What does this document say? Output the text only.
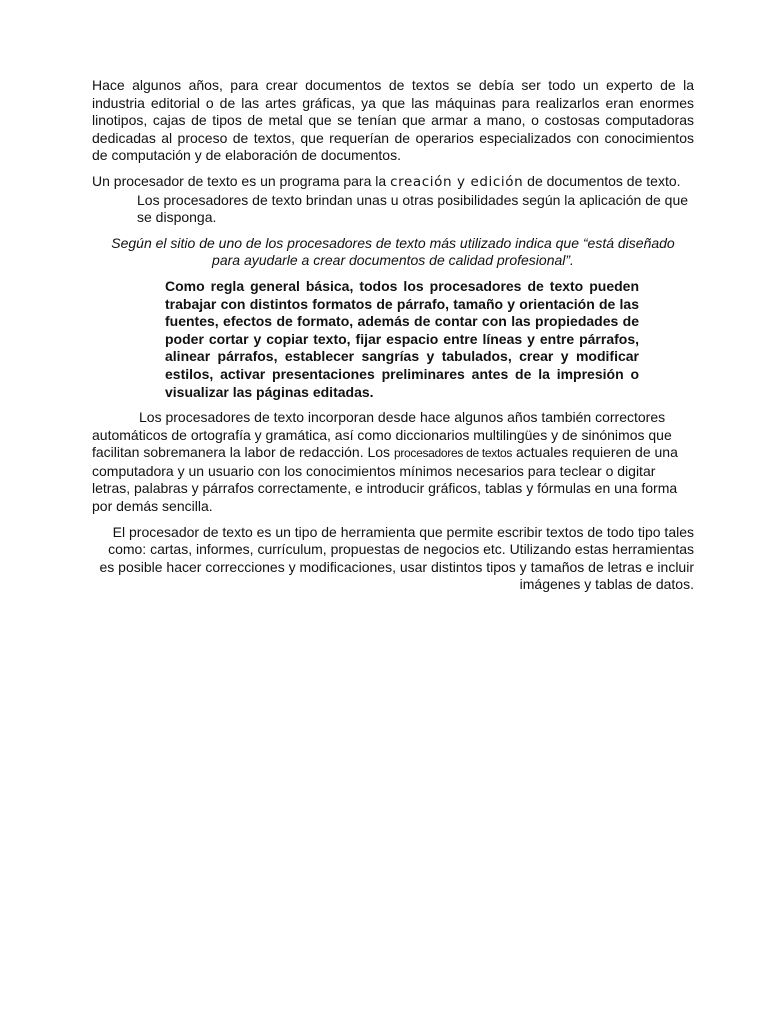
Hace algunos años, para crear documentos de textos se debía ser todo un experto de la industria editorial o de las artes gráficas, ya que las máquinas para realizarlos eran enormes linotipos, cajas de tipos de metal que se tenían que armar a mano, o costosas computadoras dedicadas al proceso de textos, que requerían de operarios especializados con conocimientos de computación y de elaboración de documentos.

Un procesador de texto es un programa para la creación y edición de documentos de texto. Los procesadores de texto brindan unas u otras posibilidades según la aplicación de que se disponga.

Según el sitio de uno de los procesadores de texto más utilizado indica que “está diseñado para ayudarle a crear documentos de calidad profesional”.

Como regla general básica, todos los procesadores de texto pueden trabajar con distintos formatos de párrafo, tamaño y orientación de las fuentes, efectos de formato, además de contar con las propiedades de poder cortar y copiar texto, fijar espacio entre líneas y entre párrafos, alinear párrafos, establecer sangrías y tabulados, crear y modificar estilos, activar presentaciones preliminares antes de la impresión o visualizar las páginas editadas.

Los procesadores de texto incorporan desde hace algunos años también correctores automáticos de ortografía y gramática, así como diccionarios multilingües y de sinónimos que facilitan sobremanera la labor de redacción. Los procesadores de textos actuales requieren de una computadora y un usuario con los conocimientos mínimos necesarios para teclear o digitar letras, palabras y párrafos correctamente, e introducir gráficos, tablas y fórmulas en una forma por demás sencilla.

El procesador de texto es un tipo de herramienta que permite escribir textos de todo tipo tales como: cartas, informes, currículum, propuestas de negocios etc. Utilizando estas herramientas es posible hacer correcciones y modificaciones, usar distintos tipos y tamaños de letras e incluir imágenes y tablas de datos.
